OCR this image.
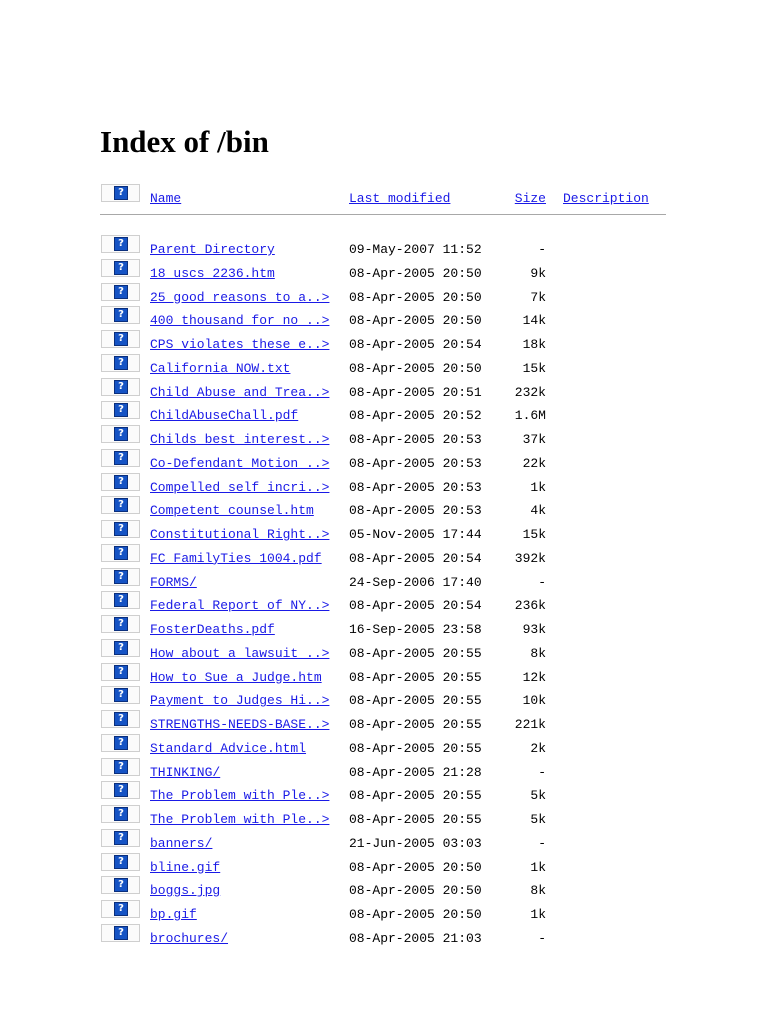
Index of /bin
?	Name	Last modified	Size Description
?	Parent Directory	09-May-2007 11:52	-
?	18 uscs 2236.htm	08-Apr-2005 20:50	9k
?	25_good_reasons_to_a..> 08-Apr-2005 20:50	7k
?	400 thousand for no ..> 08-Apr-2005 20:50	14k
?	CPS_violates_these_e..> 08-Apr-2005 20:54	18k
?	California NOW.txt	08-Apr-2005 20:50	15k
?	Child Abuse and Trea..> 08-Apr-2005 20:51	232k
?	ChildAbuseChall.pdf	08-Apr-2005 20:52	1.6M
?	Childs_best_interest..> 08-Apr-2005 20:53	37k
?	Co-Defendant Motion ..> 08-Apr-2005 20:53	22k
?	Compelled_self_incri..> 08-Apr-2005 20:53	1k
?	Competent counsel.htm	08-Apr-2005 20:53	4k
?	Constitutional_Right..> 05-Nov-2005 17:44	15k
?	FC FamilyTies 1004.pdf 08-Apr-2005 20:54	392k
?	FORMS/	24-Sep-2006 17:40	-
?	Federal Report of NY..> 08-Apr-2005 20:54	236k
?	FosterDeaths.pdf	16-Sep-2005 23:58	93k
?	How about a lawsuit ..> 08-Apr-2005 20:55	8k
?	How to Sue a Judge.htm 08-Apr-2005 20:55	12k
?	Payment to Judges Hi..> 08-Apr-2005 20:55	10k
?	STRENGTHS-NEEDS-BASE..> 08-Apr-2005 20:55	221k
?	Standard Advice.html	08-Apr-2005 20:55	2k
?	THINKING/	08-Apr-2005 21:28	-
?	The Problem with Ple..> 08-Apr-2005 20:55	5k
?	The_Problem_with_Ple..> 08-Apr-2005 20:55	5k
?	banners/	21-Jun-2005 03:03	-
?	bline.gif	08-Apr-2005 20:50	1k
?	boggs.jpg	08-Apr-2005 20:50	8k
?	bp.gif	08-Apr-2005 20:50	1k
?	brochures/	08-Apr-2005 21:03	-
